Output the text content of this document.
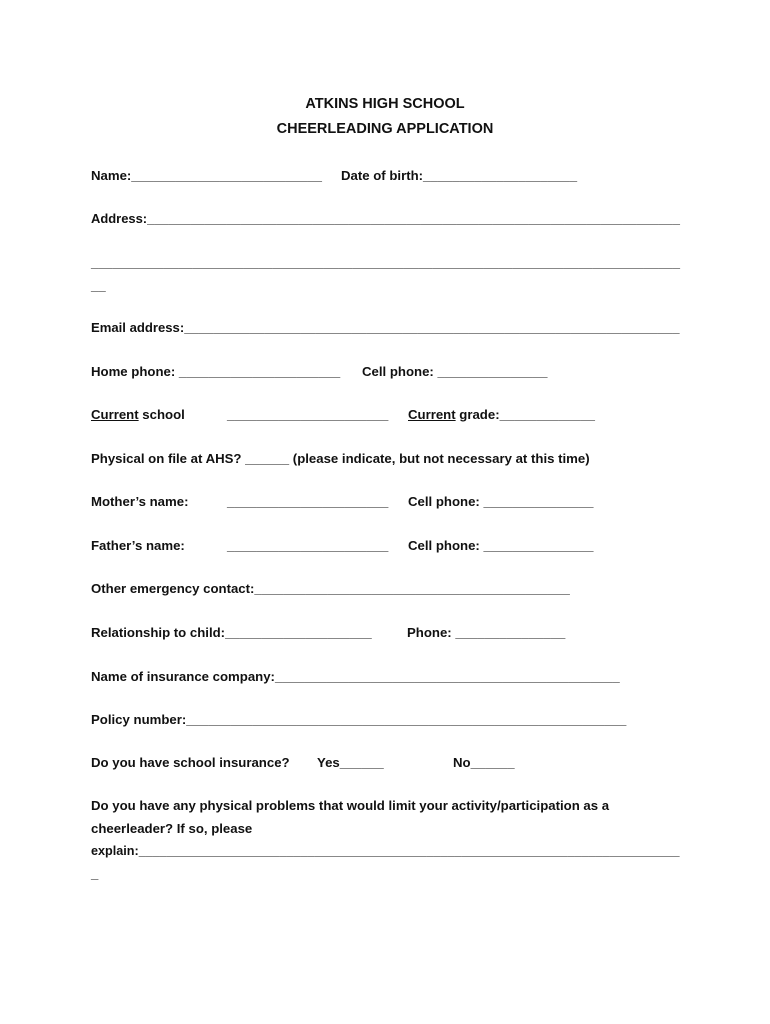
ATKINS HIGH SCHOOL
CHEERLEADING APPLICATION
Name:__________________________ Date of birth:_____________________
Address:__________________________________________________________________________
_________________________________________________________________________________
__
Email address:____________________________________________________________________
Home phone: ______________________ Cell phone: _______________
Current school	______________________ Current grade:_____________
Physical on file at AHS? ______ (please indicate, but not necessary at this time)
Mother’s name:	______________________ Cell phone: _______________
Father’s name:	______________________ Cell phone: _______________
Other emergency contact:___________________________________________
Relationship to child:____________________	Phone: _______________
Name of insurance company:_______________________________________________
Policy number:____________________________________________________________
Do you have school insurance? Yes______	No______
Do you have any physical problems that would limit your activity/participation as a
cheerleader? If so, please
explain:_____________________________________________________________________________
_
